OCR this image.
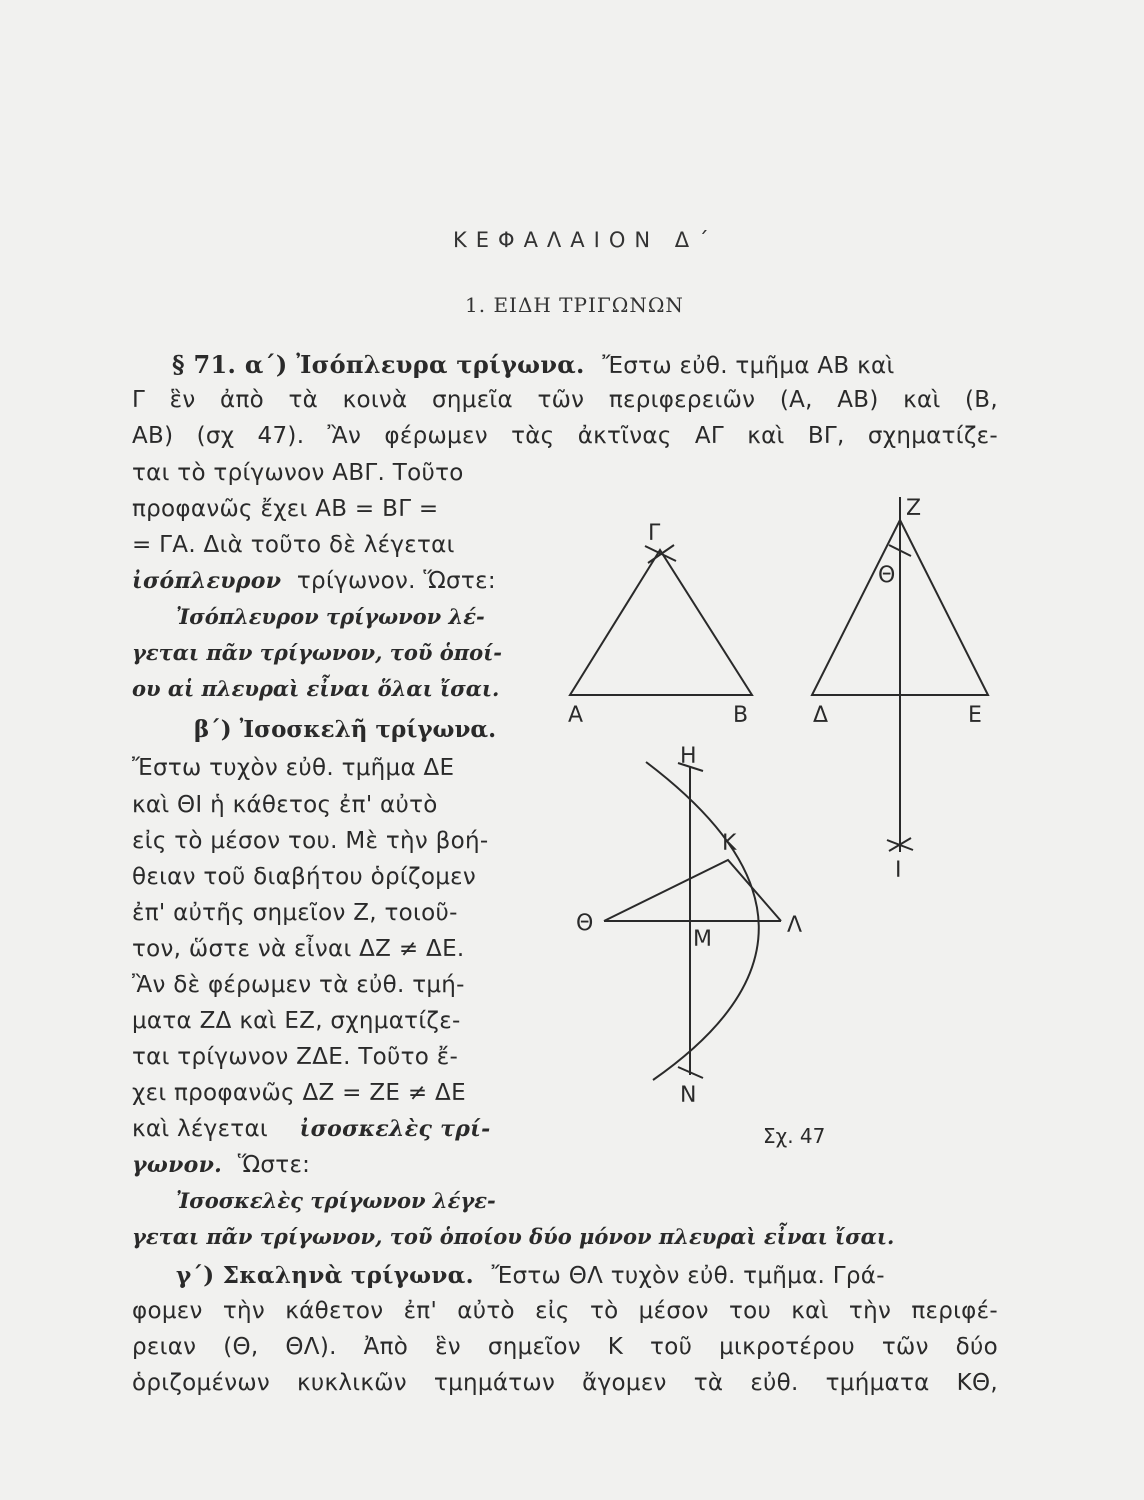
ΚΕΦΑΛΑΙΟΝ Δ΄
1. ΕΙΔΗ ΤΡΙΓΩΝΩΝ
§ 71. α΄) Ἰσόπλευρα τρίγωνα. Ἔστω εὐθ. τμῆμα ΑΒ καὶ
Γ ἓν ἀπὸ τὰ κοινὰ σημεῖα τῶν περιφερειῶν (Α, ΑΒ) καὶ (Β,
ΑΒ) (σχ 47). Ἂν φέρωμεν τὰς ἀκτῖνας ΑΓ καὶ ΒΓ, σχηματίζε-
ται τὸ τρίγωνον ΑΒΓ. Τοῦτο
προφανῶς ἔχει ΑΒ = ΒΓ =
= ΓΑ. Διὰ τοῦτο δὲ λέγεται
ἰσόπλευρον τρίγωνον. Ὥστε:
Ἰσόπλευρον τρίγωνον λέ-
γεται πᾶν τρίγωνον, τοῦ ὁποί-
ου αἱ πλευραὶ εἶναι ὅλαι ἴσαι.
β΄) Ἰσοσκελῆ τρίγωνα.
Ἔστω τυχὸν εὐθ. τμῆμα ΔΕ
καὶ ΘΙ ἡ κάθετος ἐπ' αὐτὸ
εἰς τὸ μέσον του. Μὲ τὴν βοή-
θειαν τοῦ διαβήτου ὁρίζομεν
ἐπ' αὐτῆς σημεῖον Ζ, τοιοῦ-
τον, ὥστε νὰ εἶναι ΔΖ ≠ ΔΕ.
Ἂν δὲ φέρωμεν τὰ εὐθ. τμή-
ματα ΖΔ καὶ ΕΖ, σχηματίζε-
ται τρίγωνον ΖΔΕ. Τοῦτο ἔ-
χει προφανῶς ΔΖ = ΖΕ ≠ ΔΕ
καὶ λέγεται ἰσοσκελὲς τρί-
γωνον. Ὥστε:
Ἰσοσκελὲς τρίγωνον λέγε-
γεται πᾶν τρίγωνον, τοῦ ὁποίου δύο μόνον πλευραὶ εἶναι ἴσαι.
γ΄) Σκαληνὰ τρίγωνα. Ἔστω ΘΛ τυχὸν εὐθ. τμῆμα. Γρά-
φομεν τὴν κάθετον ἐπ' αὐτὸ εἰς τὸ μέσον του καὶ τὴν περιφέ-
ρειαν (Θ, ΘΛ). Ἀπὸ ἓν σημεῖον Κ τοῦ μικροτέρου τῶν δύο
ὁριζομένων κυκλικῶν τμημάτων ἄγομεν τὰ εὐθ. τμήματα ΚΘ,
Α	Β
Γ
Ζ
Θ
Δ	Ε
Ι
Η
Κ
Θ
Μ
Λ
Ν
Σχ. 47
